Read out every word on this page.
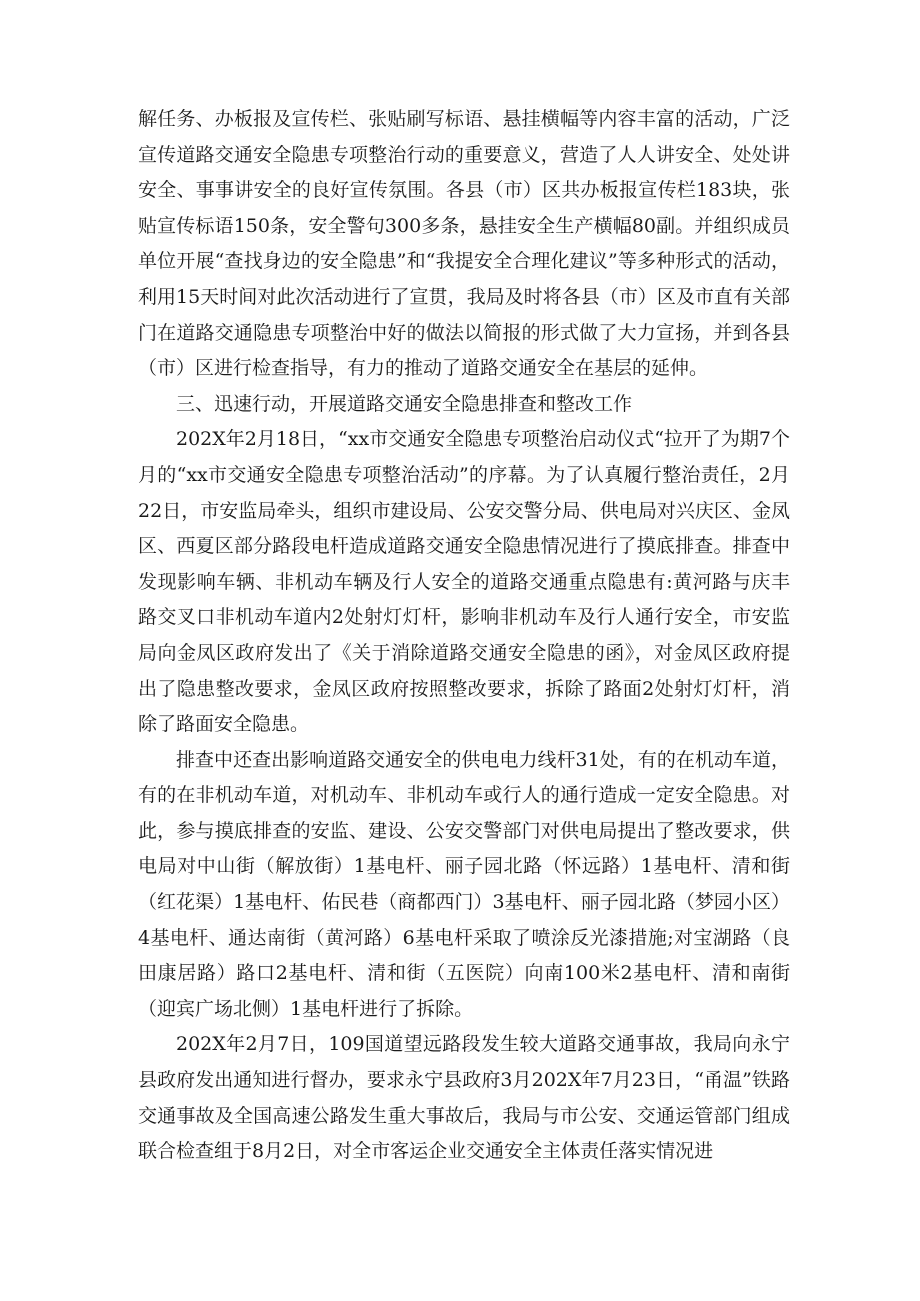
解任务、办板报及宣传栏、张贴刷写标语、悬挂横幅等内容丰富的活动，广泛宣传道路交通安全隐患专项整治行动的重要意义，营造了人人讲安全、处处讲安全、事事讲安全的良好宣传氛围。各县（市）区共办板报宣传栏183块，张贴宣传标语150条，安全警句300多条，悬挂安全生产横幅80副。并组织成员单位开展“查找身边的安全隐患”和“我提安全合理化建议”等多种形式的活动，利用15天时间对此次活动进行了宣贯，我局及时将各县（市）区及市直有关部门在道路交通隐患专项整治中好的做法以简报的形式做了大力宣扬，并到各县（市）区进行检查指导，有力的推动了道路交通安全在基层的延伸。

三、迅速行动，开展道路交通安全隐患排查和整改工作

202X年2月18日，“xx市交通安全隐患专项整治启动仪式“拉开了为期7个月的“xx市交通安全隐患专项整治活动”的序幕。为了认真履行整治责任，2月22日，市安监局牵头，组织市建设局、公安交警分局、供电局对兴庆区、金凤区、西夏区部分路段电杆造成道路交通安全隐患情况进行了摸底排查。排查中发现影响车辆、非机动车辆及行人安全的道路交通重点隐患有:黄河路与庆丰路交叉口非机动车道内2处射灯灯杆，影响非机动车及行人通行安全，市安监局向金凤区政府发出了《关于消除道路交通安全隐患的函》，对金凤区政府提出了隐患整改要求，金凤区政府按照整改要求，拆除了路面2处射灯灯杆，消除了路面安全隐患。

排查中还查出影响道路交通安全的供电电力线杆31处，有的在机动车道，有的在非机动车道，对机动车、非机动车或行人的通行造成一定安全隐患。对此，参与摸底排查的安监、建设、公安交警部门对供电局提出了整改要求，供电局对中山街（解放街）1基电杆、丽子园北路（怀远路）1基电杆、清和街（红花渠）1基电杆、佑民巷（商都西门）3基电杆、丽子园北路（梦园小区）4基电杆、通达南街（黄河路）6基电杆采取了喷涂反光漆措施;对宝湖路（良田康居路）路口2基电杆、清和街（五医院）向南100米2基电杆、清和南街（迎宾广场北侧）1基电杆进行了拆除。

202X年2月7日，109国道望远路段发生较大道路交通事故，我局向永宁县政府发出通知进行督办，要求永宁县政府3月202X年7月23日，“甬温”铁路交通事故及全国高速公路发生重大事故后，我局与市公安、交通运管部门组成联合检查组于8月2日，对全市客运企业交通安全主体责任落实情况进
